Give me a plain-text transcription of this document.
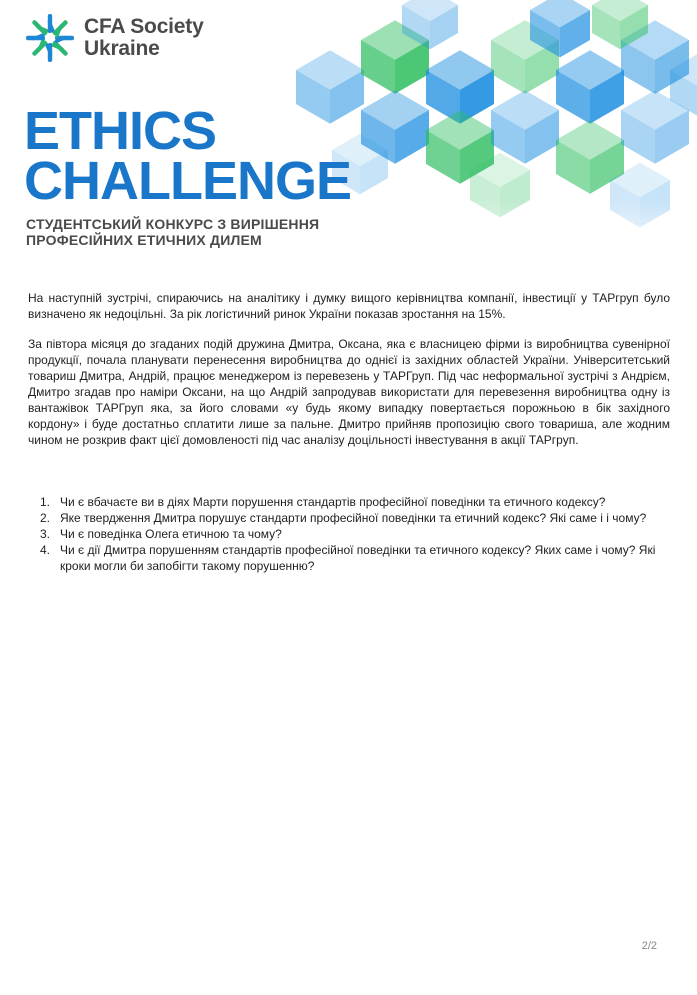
CFA Society
Ukraine
ETHICS
CHALLENGE
СТУДЕНТСЬКИЙ КОНКУРС З ВИРІШЕННЯ
ПРОФЕСІЙНИХ ЕТИЧНИХ ДИЛЕМ

На наступній зустрічі, спираючись на аналітику і думку вищого керівництва компанії, інвестиції у ТАРгруп було визначено як недоцільні. За рік логістичний ринок України показав зростання на 15%.

За півтора місяця до згаданих подій дружина Дмитра, Оксана, яка є власницею фірми із виробництва сувенірної продукції, почала планувати перенесення виробництва до однієї із західних областей України. Університетський товариш Дмитра, Андрій, працює менеджером із перевезень у ТАРГруп. Під час неформальної зустрічі з Андрієм, Дмитро згадав про наміри Оксани, на що Андрій запродував використати для перевезення виробництва одну із вантажівок ТАРГруп яка, за його словами «у будь якому випадку повертається порожньою в бік західного кордону» і буде достатньо сплатити лише за пальне. Дмитро прийняв пропозицію свого товариша, але жодним чином не розкрив факт цієї домовленості під час аналізу доцільності інвестування в акції ТАРгруп.

1. Чи є вбачаєте ви в діях Марти порушення стандартів професійної поведінки та етичного кодексу?
2. Яке твердження Дмитра порушує стандарти професійної поведінки та етичний кодекс? Які саме і і чому?
3. Чи є поведінка Олега етичною та чому?
4. Чи є дії Дмитра порушенням стандартів професійної поведінки та етичного кодексу? Яких саме і чому? Які кроки могли би запобігти такому порушенню?
2/2
